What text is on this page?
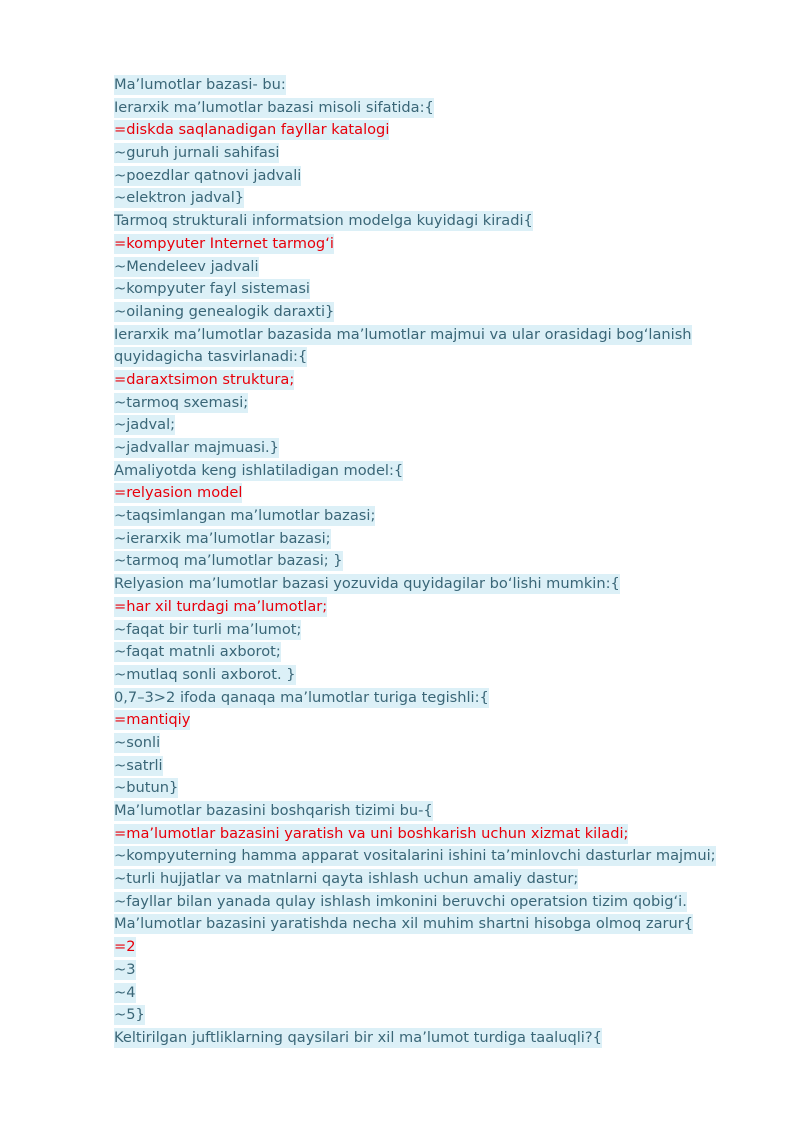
Ma’lumotlar bazasi- bu:
Ierarxik ma’lumotlar bazasi misoli sifatida:{
=diskda saqlanadigan fayllar katalogi
~guruh jurnali sahifasi
~poezdlar qatnovi jadvali
~elektron jadval}
Tarmoq strukturali informatsion modelga kuyidagi kiradi{
=kompyuter Internet tarmog‘i
~Mendeleev jadvali
~kompyuter fayl sistemasi
~oilaning genealogik daraxti}
Ierarxik ma’lumotlar bazasida ma’lumotlar majmui va ular orasidagi bog‘lanish
quyidagicha tasvirlanadi:{
=daraxtsimon struktura;
~tarmoq sxemasi;
~jadval;
~jadvallar majmuasi.}
Amaliyotda keng ishlatiladigan model:{
=relyasion model
~taqsimlangan ma’lumotlar bazasi;
~ierarxik ma’lumotlar bazasi;
~tarmoq ma’lumotlar bazasi; }
Relyasion ma’lumotlar bazasi yozuvida quyidagilar bo‘lishi mumkin:{
=har xil turdagi ma’lumotlar;
~faqat bir turli ma’lumot;
~faqat matnli axborot;
~mutlaq sonli axborot. }
0,7–3>2 ifoda qanaqa ma’lumotlar turiga tegishli:{
=mantiqiy
~sonli
~satrli
~butun}
Ma’lumotlar bazasini boshqarish tizimi bu-{
=ma’lumotlar bazasini yaratish va uni boshkarish uchun xizmat kiladi;
~kompyuterning hamma apparat vositalarini ishini ta’minlovchi dasturlar majmui;
~turli hujjatlar va matnlarni qayta ishlash uchun amaliy dastur;
~fayllar bilan yanada qulay ishlash imkonini beruvchi operatsion tizim qobig‘i.
Ma’lumotlar bazasini yaratishda necha xil muhim shartni hisobga olmoq zarur{
=2
~3
~4
~5}
Keltirilgan juftliklarning qaysilari bir xil ma’lumot turdiga taaluqli?{
